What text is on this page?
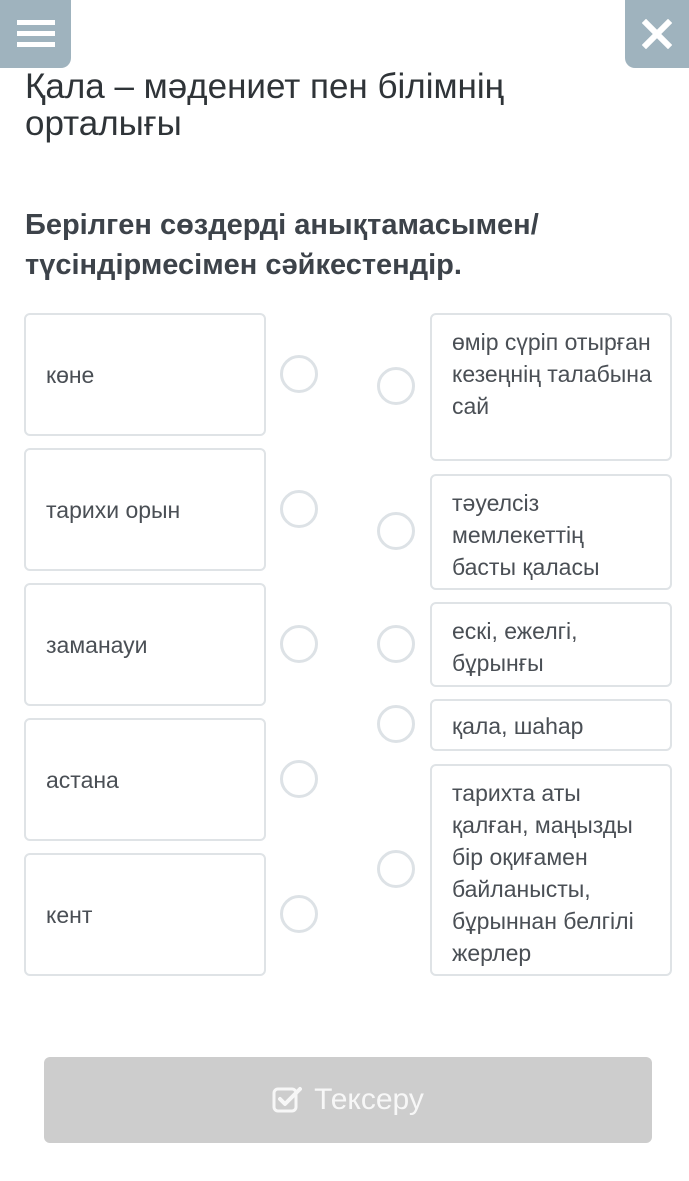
Қала – мәдениет пен білімнің орталығы
Берілген сөздерді анықтамасымен/ түсіндірмесімен сәйкестендір.
көне
тарихи орын
заманауи
астана
кент
өмір сүріп отырған кезеңнің талабына сай
тәуелсіз мемлекеттің басты қаласы
ескі, ежелгі, бұрынғы
қала, шаһар
тарихта аты қалған, маңызды бір оқиғамен байланысты, бұрыннан белгілі жерлер
Тексеру
